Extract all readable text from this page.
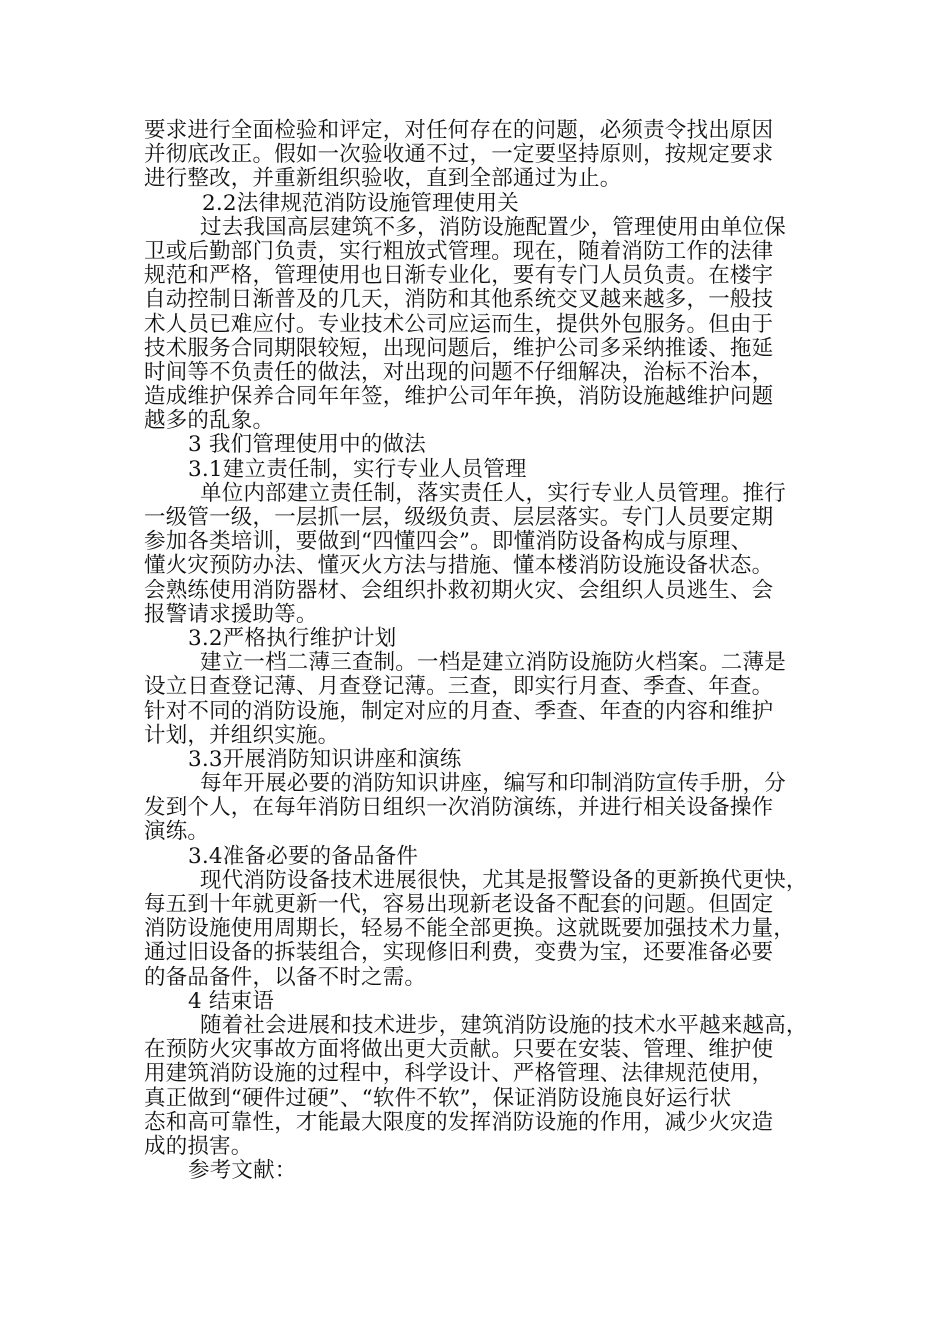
要求进行全面检验和评定，对任何存在的问题，必须责令找出原因
并彻底改正。假如一次验收通不过，一定要坚持原则，按规定要求
进行整改，并重新组织验收，直到全部通过为止。
2.2法律规范消防设施管理使用关
过去我国高层建筑不多，消防设施配置少，管理使用由单位保
卫或后勤部门负责，实行粗放式管理。现在，随着消防工作的法律
规范和严格，管理使用也日渐专业化，要有专门人员负责。在楼宇
自动控制日渐普及的几天，消防和其他系统交叉越来越多，一般技
术人员已难应付。专业技术公司应运而生，提供外包服务。但由于
技术服务合同期限较短，出现问题后，维护公司多采纳推诿、拖延
时间等不负责任的做法，对出现的问题不仔细解决，治标不治本，
造成维护保养合同年年签，维护公司年年换，消防设施越维护问题
越多的乱象。
3 我们管理使用中的做法
3.1建立责任制，实行专业人员管理
单位内部建立责任制，落实责任人，实行专业人员管理。推行
一级管一级，一层抓一层，级级负责、层层落实。专门人员要定期
参加各类培训，要做到“四懂四会”。即懂消防设备构成与原理、
懂火灾预防办法、懂灭火方法与措施、懂本楼消防设施设备状态。
会熟练使用消防器材、会组织扑救初期火灾、会组织人员逃生、会
报警请求援助等。
3.2严格执行维护计划
建立一档二薄三查制。一档是建立消防设施防火档案。二薄是
设立日查登记薄、月查登记薄。三查，即实行月查、季查、年查。
针对不同的消防设施，制定对应的月查、季查、年查的内容和维护
计划，并组织实施。
3.3开展消防知识讲座和演练
每年开展必要的消防知识讲座，编写和印制消防宣传手册，分
发到个人，在每年消防日组织一次消防演练，并进行相关设备操作
演练。
3.4准备必要的备品备件
现代消防设备技术进展很快，尤其是报警设备的更新换代更快，
每五到十年就更新一代，容易出现新老设备不配套的问题。但固定
消防设施使用周期长，轻易不能全部更换。这就既要加强技术力量，
通过旧设备的拆装组合，实现修旧利费，变费为宝，还要准备必要
的备品备件，以备不时之需。
4 结束语
随着社会进展和技术进步，建筑消防设施的技术水平越来越高，
在预防火灾事故方面将做出更大贡献。只要在安装、管理、维护使
用建筑消防设施的过程中，科学设计、严格管理、法律规范使用，
真正做到“硬件过硬”、“软件不软”，保证消防设施良好运行状
态和高可靠性，才能最大限度的发挥消防设施的作用，减少火灾造
成的损害。
参考文献：
